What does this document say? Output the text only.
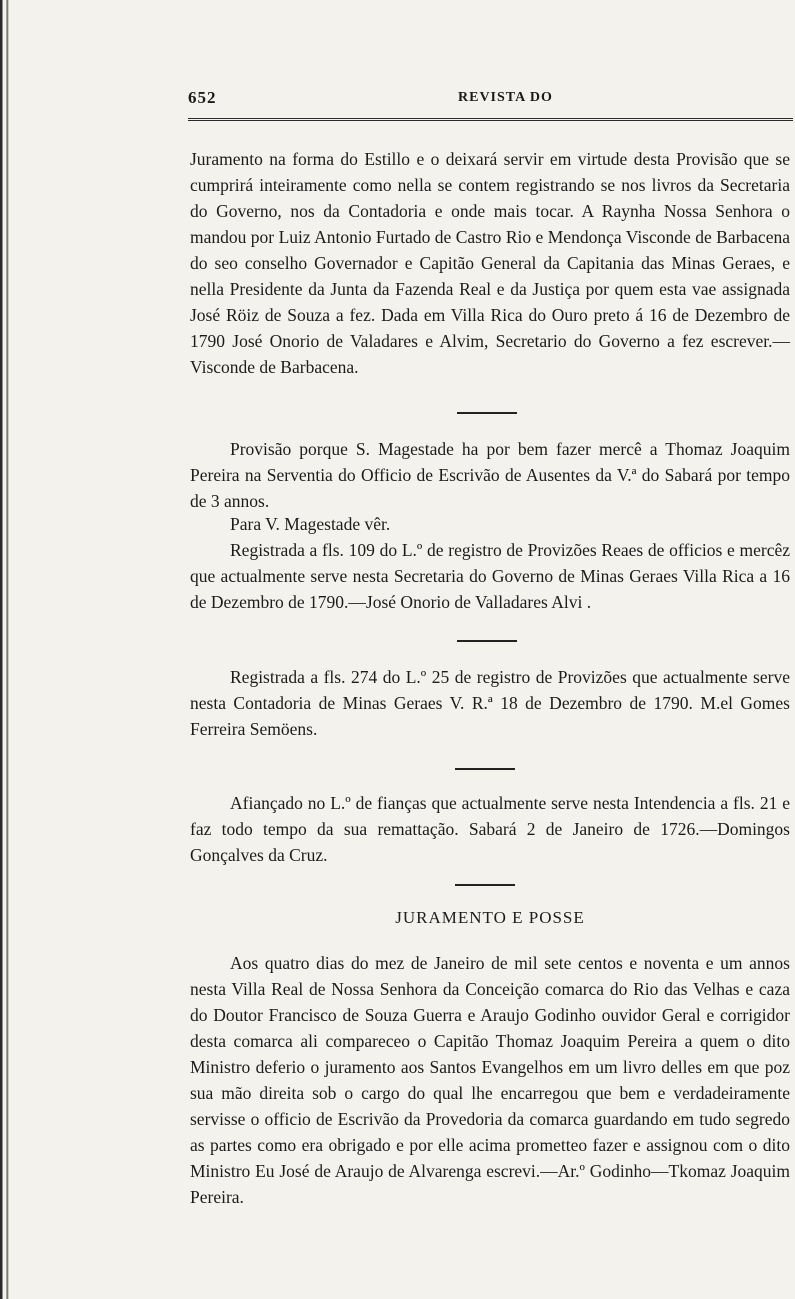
652	REVISTA DO

Juramento na forma do Estillo e o deixará servir em virtude desta Provisão que se cumprirá inteiramente como nella se contem registrando se nos livros da Secretaria do Governo, nos da Contadoria e onde mais tocar. A Raynha Nossa Senhora o mandou por Luiz Antonio Furtado de Castro Rio e Mendonça Visconde de Barbacena do seo conselho Governador e Capitão General da Capitania das Minas Geraes, e nella Presidente da Junta da Fazenda Real e da Justiça por quem esta vae assignada José Röiz de Souza a fez. Dada em Villa Rica do Ouro preto á 16 de Dezembro de 1790 José Onorio de Valadares e Alvim, Secretario do Governo a fez escrever.—Visconde de Barbacena.

Provisão porque S. Magestade ha por bem fazer mercê a Thomaz Joaquim Pereira na Serventia do Officio de Escrivão de Ausentes da V.ª do Sabará por tempo de 3 annos.

Para V. Magestade vêr.

Registrada a fls. 109 do L.º de registro de Provizões Reaes de officios e mercêz que actualmente serve nesta Secretaria do Governo de Minas Geraes Villa Rica a 16 de Dezembro de 1790.—José Onorio de Valladares Alvi .

Registrada a fls. 274 do L.º 25 de registro de Provizões que actualmente serve nesta Contadoria de Minas Geraes V. R.ª 18 de Dezembro de 1790. M.el Gomes Ferreira Semöens.

Afiançado no L.º de fianças que actualmente serve nesta Intendencia a fls. 21 e faz todo tempo da sua remattação. Sabará 2 de Janeiro de 1726.—Domingos Gonçalves da Cruz.

JURAMENTO E POSSE

Aos quatro dias do mez de Janeiro de mil sete centos e noventa e um annos nesta Villa Real de Nossa Senhora da Conceição comarca do Rio das Velhas e caza do Doutor Francisco de Souza Guerra e Araujo Godinho ouvidor Geral e corrigidor desta comarca ali compareceo o Capitão Thomaz Joaquim Pereira a quem o dito Ministro deferio o juramento aos Santos Evangelhos em um livro delles em que poz sua mão direita sob o cargo do qual lhe encarregou que bem e verdadeiramente servisse o officio de Escrivão da Provedoria da comarca guardando em tudo segredo as partes como era obrigado e por elle acima prometteo fazer e assignou com o dito Ministro Eu José de Araujo de Alvarenga escrevi.—Ar.º Godinho—Tkomaz Joaquim Pereira.
